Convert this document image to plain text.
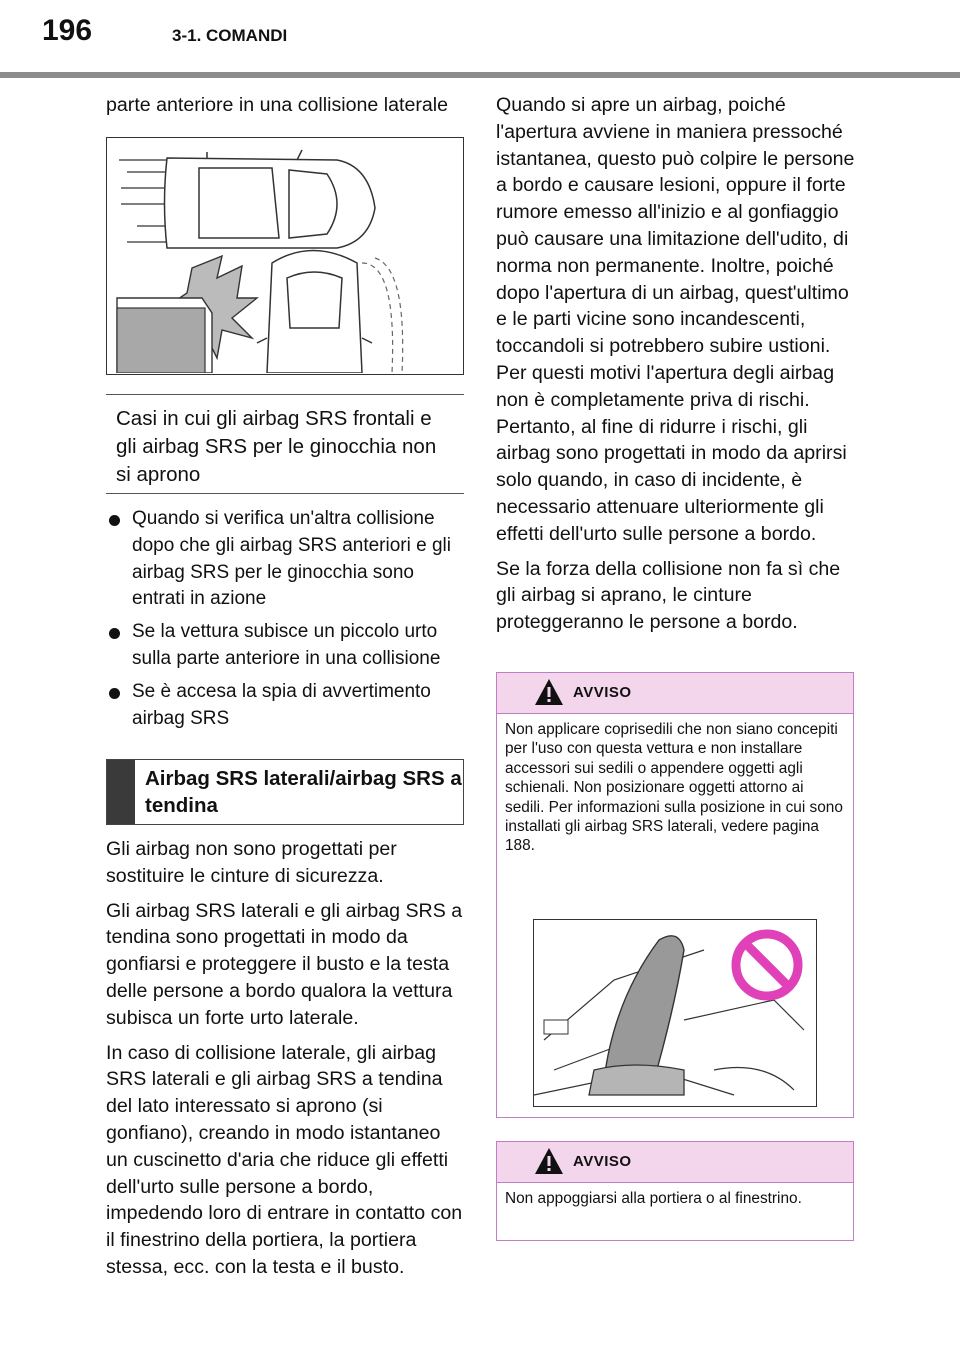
196	3-1. COMANDI

parte anteriore in una collisione laterale

Casi in cui gli airbag SRS frontali e gli airbag SRS per le ginocchia non si aprono
Quando si verifica un'altra collisione dopo che gli airbag SRS anteriori e gli airbag SRS per le ginocchia sono entrati in azione
Se la vettura subisce un piccolo urto sulla parte anteriore in una collisione
Se è accesa la spia di avvertimento airbag SRS
Airbag SRS laterali/airbag SRS a tendina

Gli airbag non sono progettati per sostituire le cinture di sicurezza.

Gli airbag SRS laterali e gli airbag SRS a tendina sono progettati in modo da gonfiarsi e proteggere il busto e la testa delle persone a bordo qualora la vettura subisca un forte urto laterale.

In caso di collisione laterale, gli airbag SRS laterali e gli airbag SRS a tendina del lato interessato si aprono (si gonfiano), creando in modo istantaneo un cuscinetto d'aria che riduce gli effetti dell'urto sulle persone a bordo, impedendo loro di entrare in contatto con il finestrino della portiera, la portiera stessa, ecc. con la testa e il busto.

Quando si apre un airbag, poiché l'apertura avviene in maniera pressoché istantanea, questo può colpire le persone a bordo e causare lesioni, oppure il forte rumore emesso all'inizio e al gonfiaggio può causare una limitazione dell'udito, di norma non permanente. Inoltre, poiché dopo l'apertura di un airbag, quest'ultimo e le parti vicine sono incandescenti, toccandoli si potrebbero subire ustioni. Per questi motivi l'apertura degli airbag non è completamente priva di rischi. Pertanto, al fine di ridurre i rischi, gli airbag sono progettati in modo da aprirsi solo quando, in caso di incidente, è necessario attenuare ulteriormente gli effetti dell'urto sulle persone a bordo.

Se la forza della collisione non fa sì che gli airbag si aprano, le cinture proteggeranno le persone a bordo.

AVVISO
Non applicare coprisedili che non siano concepiti per l'uso con questa vettura e non installare accessori sui sedili o appendere oggetti agli schienali. Non posizionare oggetti attorno ai sedili. Per informazioni sulla posizione in cui sono installati gli airbag SRS laterali, vedere pagina 188.
AVVISO
Non appoggiarsi alla portiera o al finestrino.
